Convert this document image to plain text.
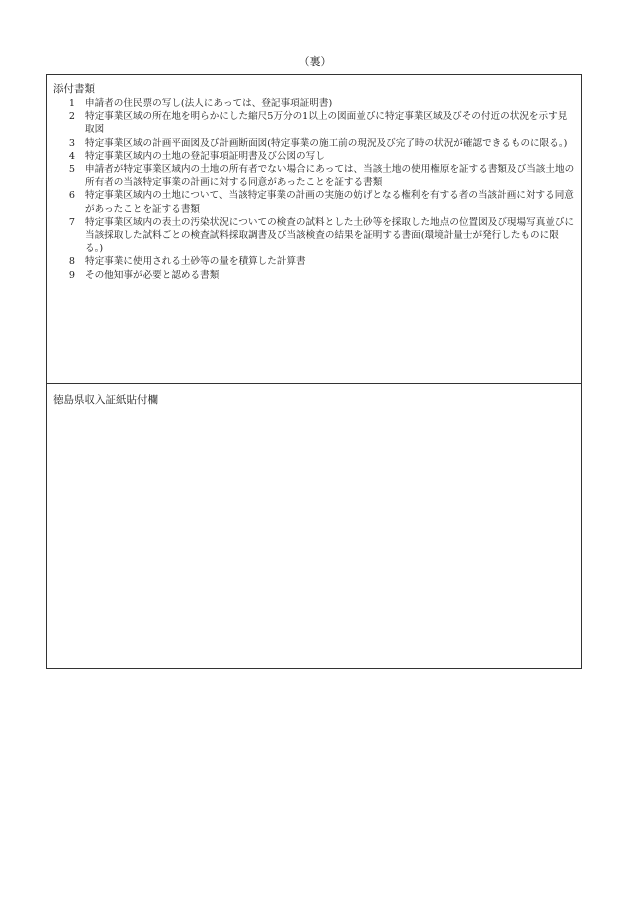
（裏）
添付書類
1	申請者の住民票の写し(法人にあっては、登記事項証明書)
2	特定事業区域の所在地を明らかにした縮尺5万分の1以上の図面並びに特定事業区域及びその付近の状況を示す見取図
3	特定事業区域の計画平面図及び計画断面図(特定事業の施工前の現況及び完了時の状況が確認できるものに限る。)
4	特定事業区域内の土地の登記事項証明書及び公図の写し
5	申請者が特定事業区域内の土地の所有者でない場合にあっては、当該土地の使用権原を証する書類及び当該土地の所有者の当該特定事業の計画に対する同意があったことを証する書類
6	特定事業区域内の土地について、当該特定事業の計画の実施の妨げとなる権利を有する者の当該計画に対する同意があったことを証する書類
7	特定事業区域内の表土の汚染状況についての検査の試料とした土砂等を採取した地点の位置図及び現場写真並びに当該採取した試料ごとの検査試料採取調書及び当該検査の結果を証明する書面(環境計量士が発行したものに限る。)
8	特定事業に使用される土砂等の量を積算した計算書
9	その他知事が必要と認める書類
徳島県収入証紙貼付欄
